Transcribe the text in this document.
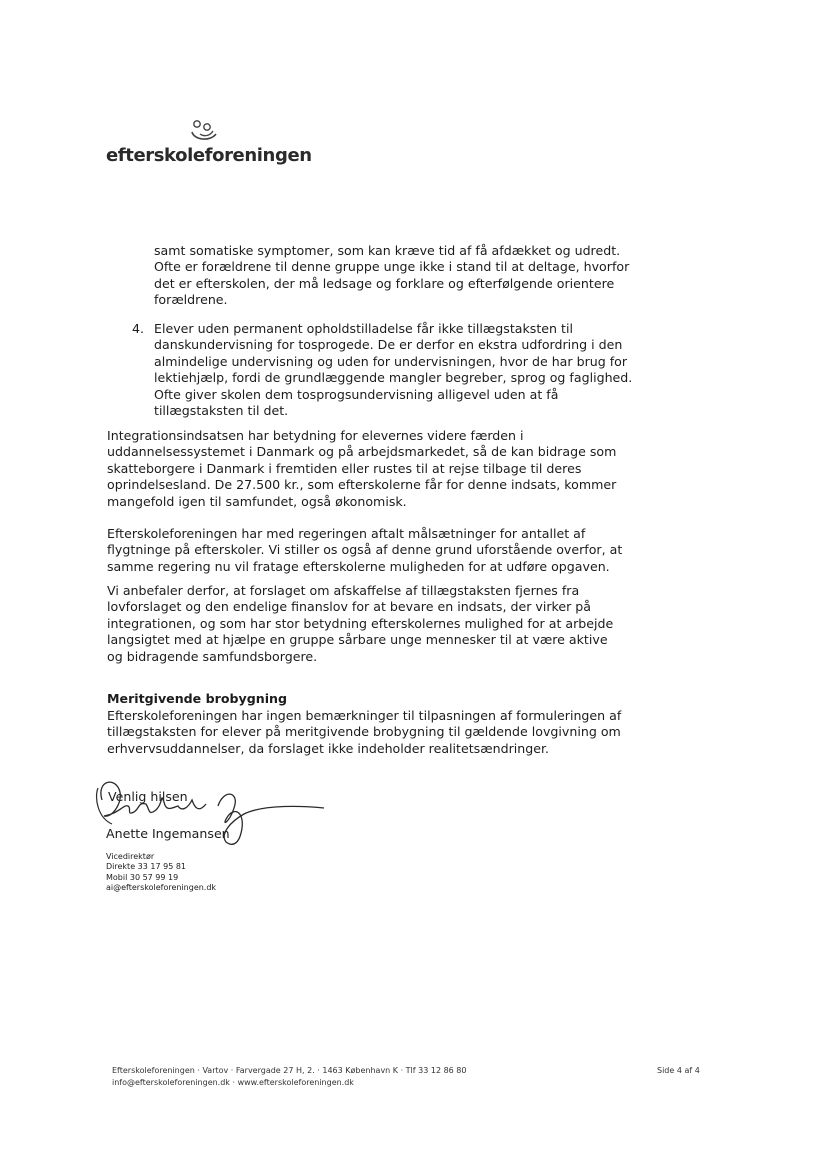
efterskoleforeningen

samt somatiske symptomer, som kan kræve tid af få afdækket og udredt. Ofte er forældrene til denne gruppe unge ikke i stand til at deltage, hvorfor det er efterskolen, der må ledsage og forklare og efterfølgende orientere forældrene.

4. Elever uden permanent opholdstilladelse får ikke tillægstaksten til danskundervisning for tosprogede. De er derfor en ekstra udfordring i den almindelige undervisning og uden for undervisningen, hvor de har brug for lektiehjælp, fordi de grundlæggende mangler begreber, sprog og faglighed. Ofte giver skolen dem tosprogsundervisning alligevel uden at få tillægstaksten til det.

Integrationsindsatsen har betydning for elevernes videre færden i uddannelsessystemet i Danmark og på arbejdsmarkedet, så de kan bidrage som skatteborgere i Danmark i fremtiden eller rustes til at rejse tilbage til deres oprindelsesland. De 27.500 kr., som efterskolerne får for denne indsats, kommer mangefold igen til samfundet, også økonomisk.

Efterskoleforeningen har med regeringen aftalt målsætninger for antallet af flygtninge på efterskoler. Vi stiller os også af denne grund uforstående overfor, at samme regering nu vil fratage efterskolerne muligheden for at udføre opgaven.

Vi anbefaler derfor, at forslaget om afskaffelse af tillægstaksten fjernes fra lovforslaget og den endelige finanslov for at bevare en indsats, der virker på integrationen, og som har stor betydning efterskolernes mulighed for at arbejde langsigtet med at hjælpe en gruppe sårbare unge mennesker til at være aktive og bidragende samfundsborgere.

Meritgivende brobygning

Efterskoleforeningen har ingen bemærkninger til tilpasningen af formuleringen af tillægstaksten for elever på meritgivende brobygning til gældende lovgivning om erhvervsuddannelser, da forslaget ikke indeholder realitetsændringer.

Venlig hilsen
Anette Ingemansen
Vicedirektør
Direkte 33 17 95 81
Mobil 30 57 99 19
ai@efterskoleforeningen.dk
Efterskoleforeningen · Vartov · Farvergade 27 H, 2. · 1463 København K · Tlf 33 12 86 80
info@efterskoleforeningen.dk · www.efterskoleforeningen.dk
Side 4 af 4
